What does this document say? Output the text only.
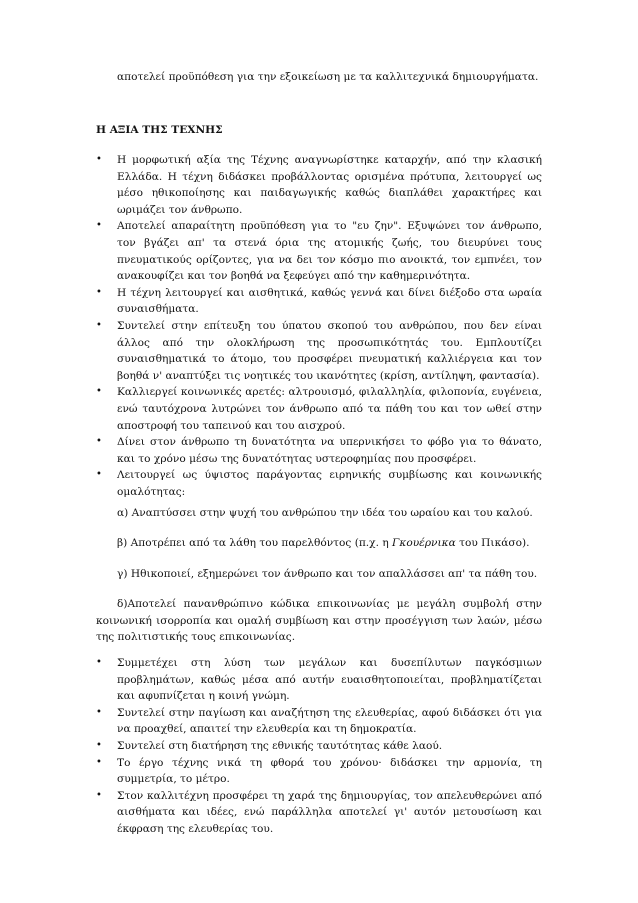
αποτελεί προϋπόθεση για την εξοικείωση με τα καλλιτεχνικά δημιουργήματα.

Η ΑΞΙΑ ΤΗΣ ΤΕΧΝΗΣ

• Η μορφωτική αξία της Τέχνης αναγνωρίστηκε καταρχήν, από την κλασική Ελλάδα. Η τέχνη διδάσκει προβάλλοντας ορισμένα πρότυπα, λειτουργεί ως μέσο ηθικοποίησης και παιδαγωγικής καθώς διαπλάθει χαρακτήρες και ωριμάζει τον άνθρωπο.
• Αποτελεί απαραίτητη προϋπόθεση για το "ευ ζην". Εξυψώνει τον άνθρωπο, τον βγάζει απ' τα στενά όρια της ατομικής ζωής, του διευρύνει τους πνευματικούς ορίζοντες, για να δει τον κόσμο πιο ανοικτά, τον εμπνέει, τον ανακουφίζει και τον βοηθά να ξεφεύγει από την καθημερινότητα.
• Η τέχνη λειτουργεί και αισθητικά, καθώς γεννά και δίνει διέξοδο στα ωραία συναισθήματα.
• Συντελεί στην επίτευξη του ύπατου σκοπού του ανθρώπου, που δεν είναι άλλος από την ολοκλήρωση της προσωπικότητάς του. Εμπλουτίζει συναισθηματικά το άτομο, του προσφέρει πνευματική καλλιέργεια και τον βοηθά ν' αναπτύξει τις νοητικές του ικανότητες (κρίση, αντίληψη, φαντασία).
• Καλλιεργεί κοινωνικές αρετές: αλτρουισμό, φιλαλληλία, φιλοπονία, ευγένεια, ενώ ταυτόχρονα λυτρώνει τον άνθρωπο από τα πάθη του και τον ωθεί στην αποστροφή του ταπεινού και του αισχρού.
• Δίνει στον άνθρωπο τη δυνατότητα να υπερνικήσει το φόβο για το θάνατο, και το χρόνο μέσω της δυνατότητας υστεροφημίας που προσφέρει.
• Λειτουργεί ως ύψιστος παράγοντας ειρηνικής συμβίωσης και κοινωνικής ομαλότητας:

α) Αναπτύσσει στην ψυχή του ανθρώπου την ιδέα του ωραίου και του καλού.

β) Αποτρέπει από τα λάθη του παρελθόντος (π.χ. η Γκουέρνικα του Πικάσο).

γ) Ηθικοποιεί, εξημερώνει τον άνθρωπο και τον απαλλάσσει απ' τα πάθη του.

δ)Αποτελεί πανανθρώπινο κώδικα επικοινωνίας με μεγάλη συμβολή στην κοινωνική ισορροπία και ομαλή συμβίωση και στην προσέγγιση των λαών, μέσω της πολιτιστικής τους επικοινωνίας.

• Συμμετέχει στη λύση των μεγάλων και δυσεπίλυτων παγκόσμιων προβλημάτων, καθώς μέσα από αυτήν ευαισθητοποιείται, προβληματίζεται και αφυπνίζεται η κοινή γνώμη.
• Συντελεί στην παγίωση και αναζήτηση της ελευθερίας, αφού διδάσκει ότι για να προαχθεί, απαιτεί την ελευθερία και τη δημοκρατία.
• Συντελεί στη διατήρηση της εθνικής ταυτότητας κάθε λαού.
• Το έργο τέχνης νικά τη φθορά του χρόνου· διδάσκει την αρμονία, τη συμμετρία, το μέτρο.
• Στον καλλιτέχνη προσφέρει τη χαρά της δημιουργίας, τον απελευθερώνει από αισθήματα και ιδέες, ενώ παράλληλα αποτελεί γι' αυτόν μετουσίωση και έκφραση της ελευθερίας του.
